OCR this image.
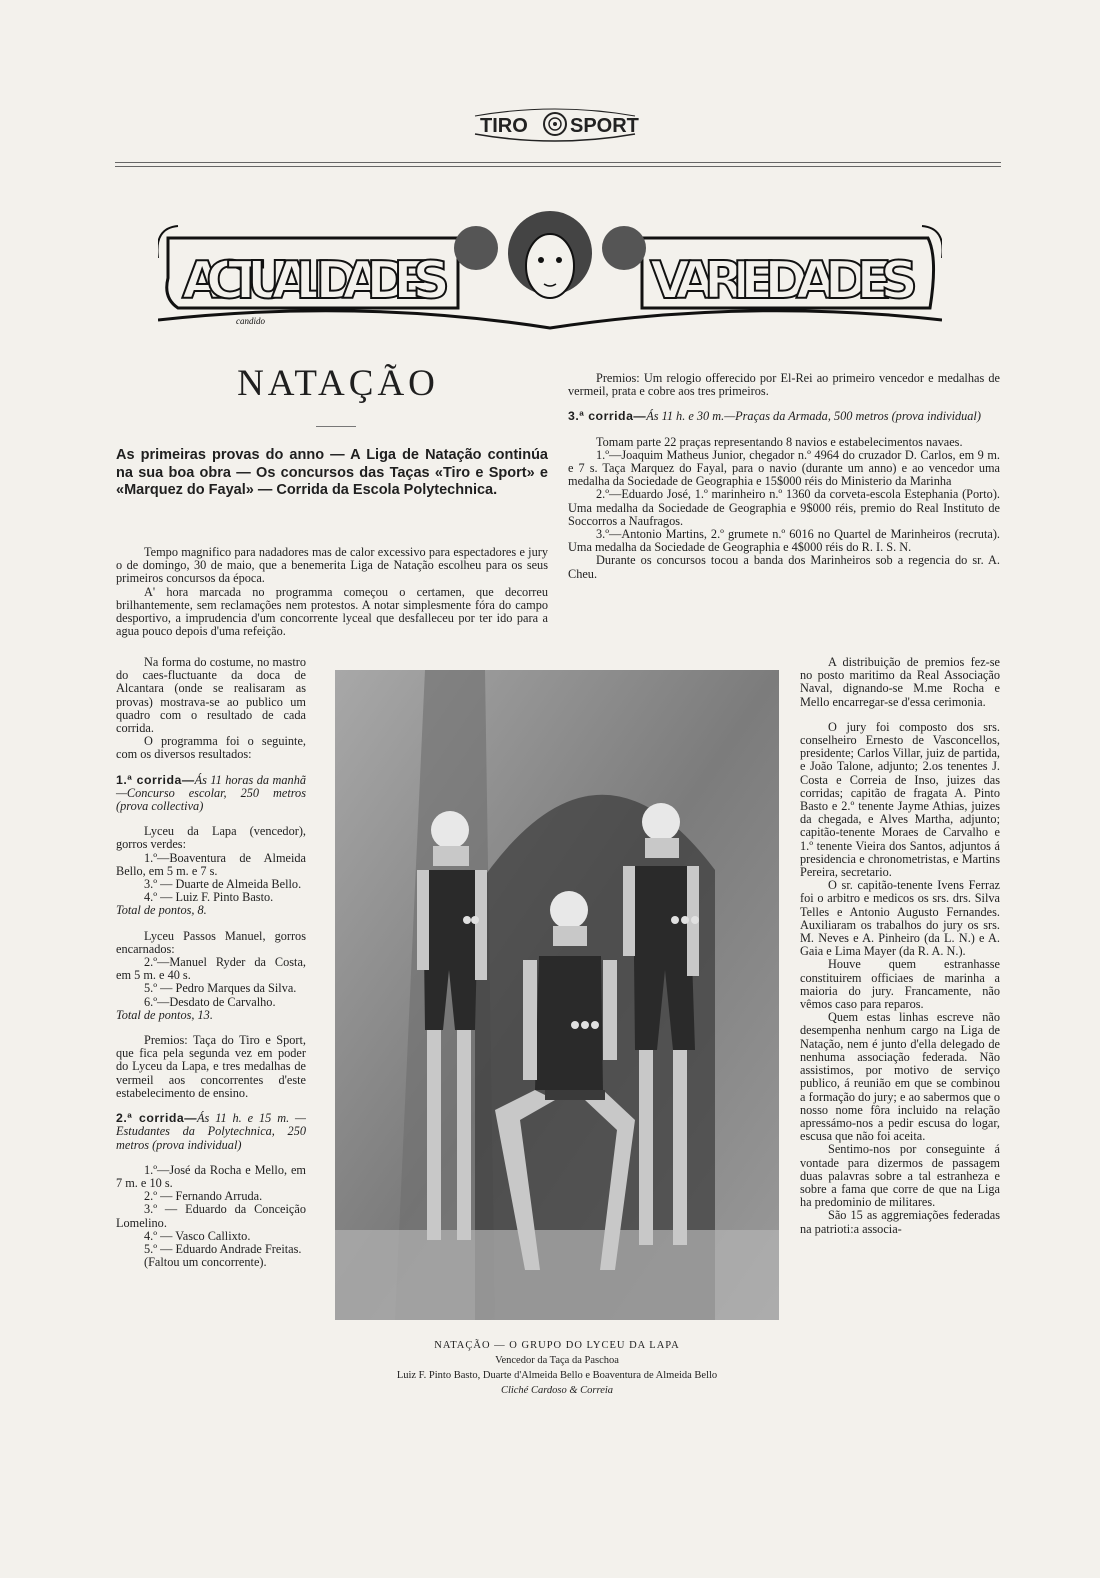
TIRO SPORT
ACTUALIDADES	VARIEDADES
candido
NATAÇÃO
As primeiras provas do anno — A Liga de Natação continúa na sua boa obra — Os concursos das Taças «Tiro e Sport» e «Marquez do Fayal» — Corrida da Escola Polytechnica.

Tempo magnifico para nadadores mas de calor excessivo para espectadores e jury o de domingo, 30 de maio, que a benemerita Liga de Natação escolheu para os seus primeiros concursos da época.

A' hora marcada no programma começou o certamen, que decorreu brilhantemente, sem reclamações nem protestos. A notar simplesmente fóra do campo desportivo, a imprudencia d'um concorrente lyceal que desfalleceu por ter ido para a agua pouco depois d'uma refeição.

Na forma do costume, no mastro do caes-fluctuante da doca de Alcantara (onde se realisaram as provas) mostrava-se ao publico um quadro com o resultado de cada corrida.

O programma foi o seguinte, com os diversos resultados:

1.ª corrida—Ás 11 horas da manhã—Concurso escolar, 250 metros (prova collectiva)

Lyceu da Lapa (vencedor), gorros verdes:

1.º—Boaventura de Almeida Bello, em 5 m. e 7 s.

3.º — Duarte de Almeida Bello.

4.º — Luiz F. Pinto Basto.

Total de pontos, 8.

Lyceu Passos Manuel, gorros encarnados:

2.º—Manuel Ryder da Costa, em 5 m. e 40 s.

5.º — Pedro Marques da Silva.

6.º—Desdato de Carvalho.

Total de pontos, 13.

Premios: Taça do Tiro e Sport, que fica pela segunda vez em poder do Lyceu da Lapa, e tres medalhas de vermeil aos concorrentes d'este estabelecimento de ensino.

2.ª corrida—Ás 11 h. e 15 m. — Estudantes da Polytechnica, 250 metros (prova individual)

1.º—José da Rocha e Mello, em 7 m. e 10 s.

2.º — Fernando Arruda.

3.º — Eduardo da Conceição Lomelino.

4.º — Vasco Callixto.

5.º — Eduardo Andrade Freitas.

(Faltou um concorrente).

NATAÇÃO — O GRUPO DO LYCEU DA LAPA
Vencedor da Taça da Paschoa
Luiz F. Pinto Basto, Duarte d'Almeida Bello e Boaventura de Almeida Bello
Cliché Cardoso & Correia

Premios: Um relogio offerecido por El-Rei ao primeiro vencedor e medalhas de vermeil, prata e cobre aos tres primeiros.

3.ª corrida—Ás 11 h. e 30 m.—Praças da Armada, 500 metros (prova individual)

Tomam parte 22 praças representando 8 navios e estabelecimentos navaes.

1.º—Joaquim Matheus Junior, chegador n.º 4964 do cruzador D. Carlos, em 9 m. e 7 s. Taça Marquez do Fayal, para o navio (durante um anno) e ao vencedor uma medalha da Sociedade de Geographia e 15$000 réis do Ministerio da Marinha

2.º—Eduardo José, 1.º marinheiro n.º 1360 da corveta-escola Estephania (Porto). Uma medalha da Sociedade de Geographia e 9$000 réis, premio do Real Instituto de Soccorros a Naufragos.

3.º—Antonio Martins, 2.º grumete n.º 6016 no Quartel de Marinheiros (recruta). Uma medalha da Sociedade de Geographia e 4$000 réis do R. I. S. N.

Durante os concursos tocou a banda dos Marinheiros sob a regencia do sr. A. Cheu.

A distribuição de premios fez-se no posto maritimo da Real Associação Naval, dignando-se M.me Rocha e Mello encarregar-se d'essa cerimonia.

O jury foi composto dos srs. conselheiro Ernesto de Vasconcellos, presidente; Carlos Villar, juiz de partida, e João Talone, adjunto; 2.os tenentes J. Costa e Correia de Inso, juizes das corridas; capitão de fragata A. Pinto Basto e 2.º tenente Jayme Athias, juizes da chegada, e Alves Martha, adjunto; capitão-tenente Moraes de Carvalho e 1.º tenente Vieira dos Santos, adjuntos á presidencia e chronometristas, e Martins Pereira, secretario.

O sr. capitão-tenente Ivens Ferraz foi o arbitro e medicos os srs. drs. Silva Telles e Antonio Augusto Fernandes. Auxiliaram os trabalhos do jury os srs. M. Neves e A. Pinheiro (da L. N.) e A. Gaia e Lima Mayer (da R. A. N.).

Houve quem estranhasse constituirem officiaes de marinha a maioria do jury. Francamente, não vêmos caso para reparos.

Quem estas linhas escreve não desempenha nenhum cargo na Liga de Natação, nem é junto d'ella delegado de nenhuma associação federada. Não assistimos, por motivo de serviço publico, á reunião em que se combinou a formação do jury; e ao sabermos que o nosso nome fôra incluido na relação apressámo-nos a pedir escusa do logar, escusa que não foi aceita.

Sentimo-nos por conseguinte á vontade para dizermos de passagem duas palavras sobre a tal estranheza e sobre a fama que corre de que na Liga ha predominio de militares.

São 15 as aggremiações federadas na patrioti:a associa-
